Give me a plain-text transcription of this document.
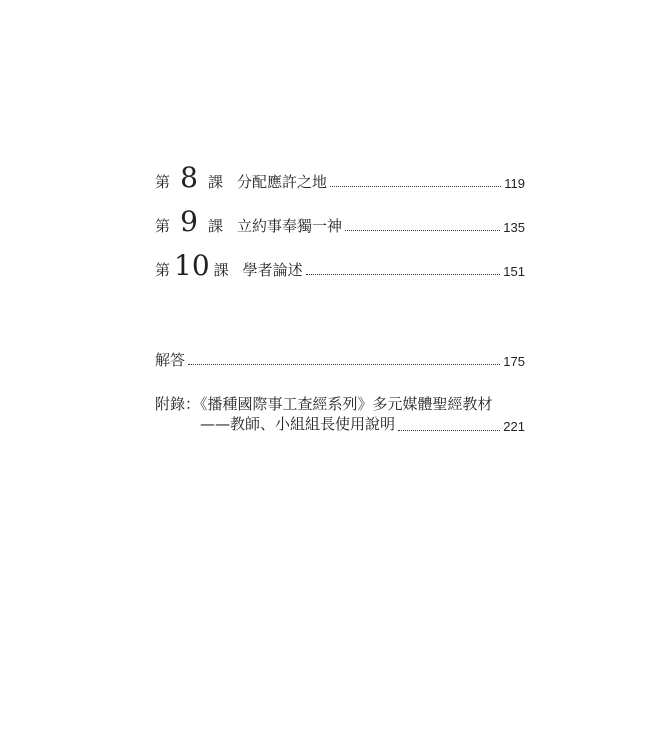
第 8 課 分配應許之地	119
第 9 課 立約事奉獨一神	135
第 10 課 學者論述	151
解答	175
附錄：《播種國際事工查經系列》多元媒體聖經教材
——教師、小組組長使用說明	221
